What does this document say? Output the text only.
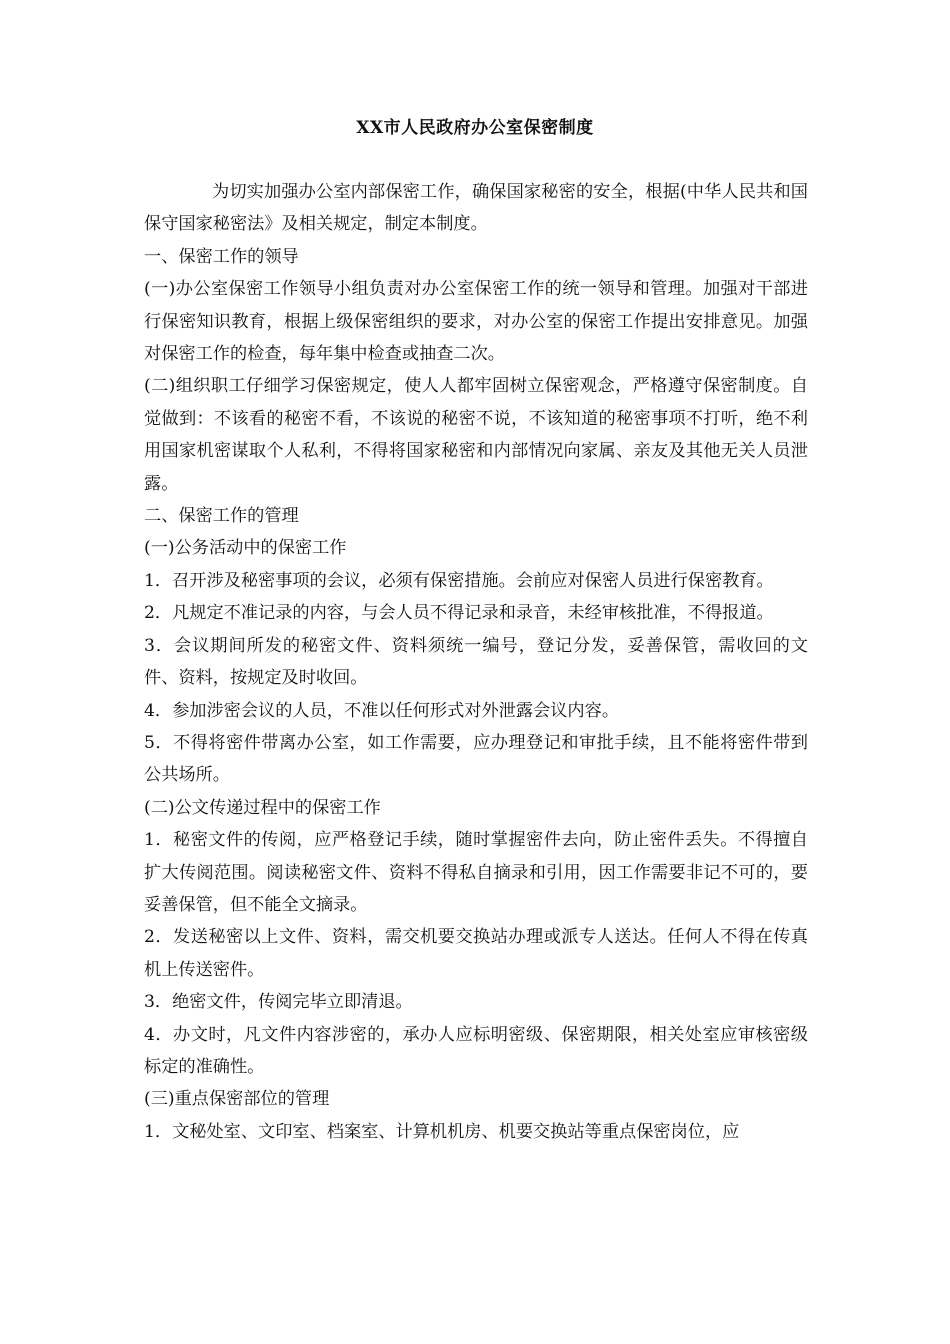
XX市人民政府办公室保密制度

为切实加强办公室内部保密工作，确保国家秘密的安全，根据(中华人民共和国保守国家秘密法》及相关规定，制定本制度。

一、保密工作的领导

(一)办公室保密工作领导小组负责对办公室保密工作的统一领导和管理。加强对干部进行保密知识教育，根据上级保密组织的要求，对办公室的保密工作提出安排意见。加强对保密工作的检查，每年集中检查或抽查二次。

(二)组织职工仔细学习保密规定，使人人都牢固树立保密观念，严格遵守保密制度。自觉做到：不该看的秘密不看，不该说的秘密不说，不该知道的秘密事项不打听，绝不利用国家机密谋取个人私利，不得将国家秘密和内部情况向家属、亲友及其他无关人员泄露。

二、保密工作的管理

(一)公务活动中的保密工作

1．召开涉及秘密事项的会议，必须有保密措施。会前应对保密人员进行保密教育。

2．凡规定不准记录的内容，与会人员不得记录和录音，未经审核批准，不得报道。

3．会议期间所发的秘密文件、资料须统一编号，登记分发，妥善保管，需收回的文件、资料，按规定及时收回。

4．参加涉密会议的人员，不准以任何形式对外泄露会议内容。

5．不得将密件带离办公室，如工作需要，应办理登记和审批手续，且不能将密件带到公共场所。

(二)公文传递过程中的保密工作

1．秘密文件的传阅，应严格登记手续，随时掌握密件去向，防止密件丢失。不得擅自扩大传阅范围。阅读秘密文件、资料不得私自摘录和引用，因工作需要非记不可的，要妥善保管，但不能全文摘录。

2．发送秘密以上文件、资料，需交机要交换站办理或派专人送达。任何人不得在传真机上传送密件。

3．绝密文件，传阅完毕立即清退。

4．办文时，凡文件内容涉密的，承办人应标明密级、保密期限，相关处室应审核密级标定的准确性。

(三)重点保密部位的管理

1．文秘处室、文印室、档案室、计算机机房、机要交换站等重点保密岗位，应
